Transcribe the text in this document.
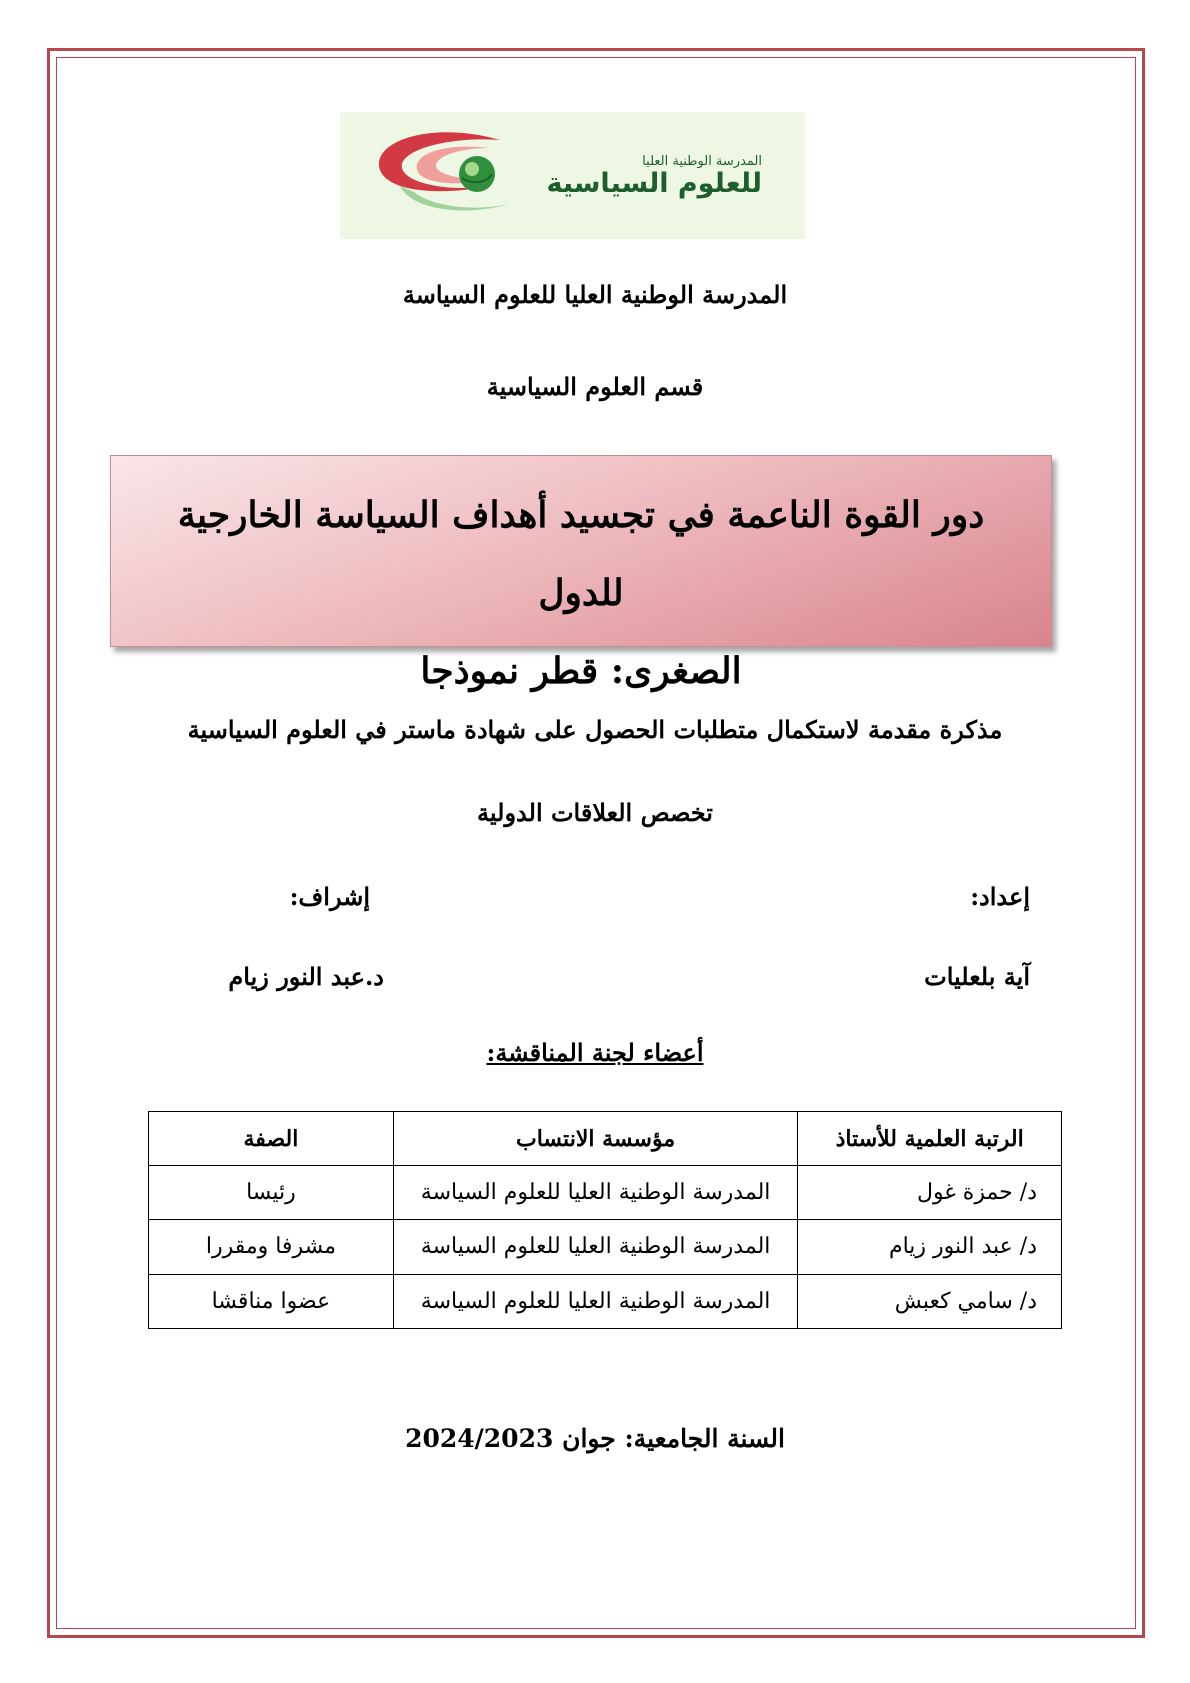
المدرسة الوطنية العليا
للعلوم السياسية
المدرسة الوطنية العليا للعلوم السياسة
قسم العلوم السياسية
دور القوة الناعمة في تجسيد أهداف السياسة الخارجية للدول
الصغرى: قطر نموذجا
مذكرة مقدمة لاستكمال متطلبات الحصول على شهادة ماستر في العلوم السياسية
تخصص العلاقات الدولية
إعداد:
إشراف:
آية بلعليات
د.عبد النور زيام
أعضاء لجنة المناقشة:
الرتبة العلمية للأستاذ	مؤسسة الانتساب	الصفة
د/ حمزة غول	المدرسة الوطنية العليا للعلوم السياسة	رئيسا
د/ عبد النور زيام	المدرسة الوطنية العليا للعلوم السياسة	مشرفا ومقررا
د/ سامي كعبش	المدرسة الوطنية العليا للعلوم السياسة	عضوا مناقشا
السنة الجامعية: جوان 2024/2023
